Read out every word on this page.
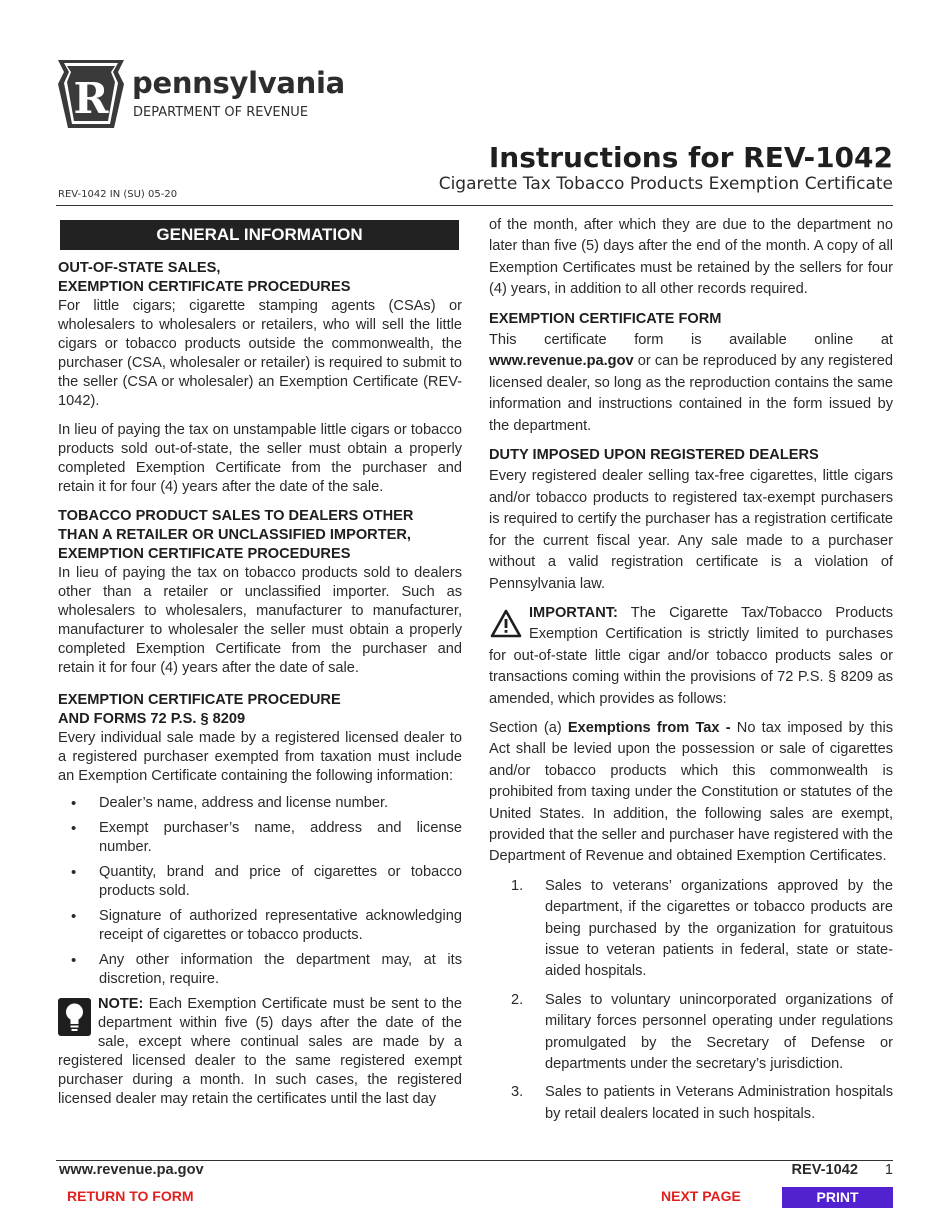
R pennsylvania
DEPARTMENT OF REVENUE
Instructions for REV-1042
Cigarette Tax Tobacco Products Exemption Certificate
REV-1042 IN (SU) 05-20
GENERAL INFORMATION
OUT-OF-STATE SALES,
EXEMPTION CERTIFICATE PROCEDURES

For little cigars; cigarette stamping agents (CSAs) or wholesalers to wholesalers or retailers, who will sell the little cigars or tobacco products outside the commonwealth, the purchaser (CSA, wholesaler or retailer) is required to submit to the seller (CSA or wholesaler) an Exemption Certificate (REV-1042).

In lieu of paying the tax on unstampable little cigars or tobacco products sold out-of-state, the seller must obtain a properly completed Exemption Certificate from the purchaser and retain it for four (4) years after the date of the sale.

TOBACCO PRODUCT SALES TO DEALERS OTHER
THAN A RETAILER OR UNCLASSIFIED IMPORTER,
EXEMPTION CERTIFICATE PROCEDURES

In lieu of paying the tax on tobacco products sold to dealers other than a retailer or unclassified importer. Such as wholesalers to wholesalers, manufacturer to manufacturer, manufacturer to wholesaler the seller must obtain a properly completed Exemption Certificate from the purchaser and retain it for four (4) years after the date of sale.

EXEMPTION CERTIFICATE PROCEDURE
AND FORMS 72 P.S. § 8209

Every individual sale made by a registered licensed dealer to a registered purchaser exempted from taxation must include an Exemption Certificate containing the following information:

• Dealer’s name, address and license number.
• Exempt purchaser’s name, address and license number.
• Quantity, brand and price of cigarettes or tobacco products sold.
• Signature of authorized representative acknowledging receipt of cigarettes or tobacco products.
• Any other information the department may, at its discretion, require.
NOTE: Each Exemption Certificate must be sent to the department within five (5) days after the date of the sale, except where continual sales are made by a registered licensed dealer to the same registered exempt purchaser during a month. In such cases, the registered licensed dealer may retain the certificates until the last day

of the month, after which they are due to the department no later than five (5) days after the end of the month. A copy of all Exemption Certificates must be retained by the sellers for four (4) years, in addition to all other records required.

EXEMPTION CERTIFICATE FORM

This certificate form is available online at www.revenue.pa.gov or can be reproduced by any registered licensed dealer, so long as the reproduction contains the same information and instructions contained in the form issued by the department.

DUTY IMPOSED UPON REGISTERED DEALERS

Every registered dealer selling tax-free cigarettes, little cigars and/or tobacco products to registered tax-exempt purchasers is required to certify the purchaser has a registration certificate for the current fiscal year. Any sale made to a purchaser without a valid registration certificate is a violation of Pennsylvania law.

IMPORTANT: The Cigarette Tax/Tobacco Products Exemption Certification is strictly limited to purchases for out-of-state little cigar and/or tobacco products sales or transactions coming within the provisions of 72 P.S. § 8209 as amended, which provides as follows:

Section (a) Exemptions from Tax - No tax imposed by this Act shall be levied upon the possession or sale of cigarettes and/or tobacco products which this commonwealth is prohibited from taxing under the Constitution or statutes of the United States. In addition, the following sales are exempt, provided that the seller and purchaser have registered with the Department of Revenue and obtained Exemption Certificates.

1. Sales to veterans’ organizations approved by the department, if the cigarettes or tobacco products are being purchased by the organization for gratuitous issue to veteran patients in federal, state or state-aided hospitals.
2. Sales to voluntary unincorporated organizations of military forces personnel operating under regulations promulgated by the Secretary of Defense or departments under the secretary’s jurisdiction.
3. Sales to patients in Veterans Administration hospitals by retail dealers located in such hospitals.
www.revenue.pa.gov	REV-1042 1
RETURN TO FORM	NEXT PAGE	PRINT
